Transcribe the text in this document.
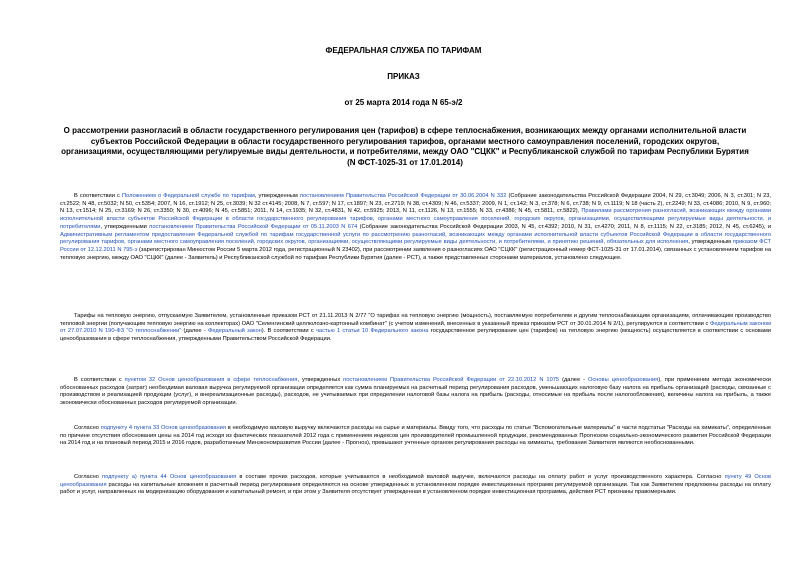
ФЕДЕРАЛЬНАЯ СЛУЖБА ПО ТАРИФАМ
ПРИКАЗ
от 25 марта 2014 года N 65-э/2
О рассмотрении разногласий в области государственного регулирования цен (тарифов) в сфере теплоснабжения, возникающих между органами исполнительной власти субъектов Российской Федерации в области государственного регулирования тарифов, органами местного самоуправления поселений, городских округов, организациями, осуществляющими регулируемые виды деятельности, и потребителями, между ОАО "СЦКК" и Республиканской службой по тарифам Республики Бурятия (N ФСТ-1025-31 от 17.01.2014)

В соответствии с Положением о Федеральной службе по тарифам, утвержденным постановлением Правительства Российской Федерации от 30.06.2004 N 332 (Собрание законодательства Российской Федерации 2004, N 29, ст.3049; 2006, N 3, ст.301; N 23, ст.2522; N 48, ст.5032; N 50, ст.5354; 2007, N 16, ст.1912; N 25, ст.3039; N 32 ст.4145; 2008, N 7, ст.597; N 17, ст.1897; N 23, ст.2719; N 38, ст.4309; N 46, ст.5337; 2009, N 1, ст.142; N 3, ст.378; N 6, ст.738; N 9, ст.1119; N 18 (часть 2), ст.2249; N 33, ст.4086; 2010, N 9, ст.960; N 13, ст.1514; N 25, ст.3169; N 26, ст.3350; N 30, ст.4096; N 45, ст.5851; 2011, N 14, ст.1935; N 32, ст.4831, N 42, ст.5925; 2013, N 11, ст.1126, N 13, ст.1555; N 33, ст.4386; N 45, ст.5811, ст.5822), Правилами рассмотрения разногласий, возникающих между органами исполнительной власти субъектов Российской Федерации в области государственного регулирования тарифов, органами местного самоуправления поселений, городских округов, организациями, осуществляющими регулируемые виды деятельности, и потребителями, утвержденными постановлением Правительства Российской Федерации от 05.11.2003 N 674 (Собрание законодательства Российской Федерации 2003, N 45, ст.4392; 2010, N 31, ст.4270; 2011, N 8, ст.1115; N 22, ст.3185; 2012, N 45, ст.6245), и Административным регламентом предоставления Федеральной службой по тарифам государственной услуги по рассмотрению разногласий, возникающих между органами исполнительной власти субъектов Российской Федерации в области государственного регулирования тарифов, органами местного самоуправления поселений, городских округов, организациями, осуществляющими регулируемые виды деятельности, и потребителями, и принятию решений, обязательных для исполнения, утвержденным приказом ФСТ России от 12.12.2011 N 795-э (зарегистрирован Минюстом России 5 марта 2012 года, регистрационный N 23402), при рассмотрении заявления о разногласиях ОАО "СЦКК" (регистрационный номер ФСТ-1025-31 от 17.01.2014), связанных с установлением тарифов на тепловую энергию, между ОАО "СЦКК" (далее - Заявитель) и Республиканской службой по тарифам Республики Бурятия (далее - РСТ), а также представленных сторонами материалов, установлено следующее.

Тарифы на тепловую энергию, отпускаемую Заявителем, установленные приказом РСТ от 21.11.2013 N 2/77 "О тарифах на тепловую энергию (мощность), поставляемую потребителям и другим теплоснабжающим организациям, оплачивающим производство тепловой энергии (получающим тепловую энергию на коллекторах) ОАО "Селенгинский целлюлозно-картонный комбинат" (с учетом изменений, внесенных в указанный приказ приказом РСТ от 30.01.2014 N 2/1), регулируются в соответствии с Федеральным законом от 27.07.2010 N 190-ФЗ "О теплоснабжении" (далее - Федеральный закон). В соответствии с частью 1 статьи 10 Федерального закона государственное регулирование цен (тарифов) на тепловую энергию (мощность) осуществляется в соответствии с основами ценообразования в сфере теплоснабжения, утвержденными Правительством Российской Федерации.

В соответствии с пунктом 32 Основ ценообразования в сфере теплоснабжения, утвержденных постановлением Правительства Российской Федерации от 22.10.2012 N 1075 (далее - Основы ценообразования), при применении метода экономически обоснованных расходов (затрат) необходимая валовая выручка регулируемой организации определяется как сумма планируемых на расчетный период регулирования расходов, уменьшающих налоговую базу налога на прибыль организаций (расходы, связанные с производством и реализацией продукции (услуг), и внереализационные расходы), расходов, не учитываемых при определении налоговой базы налога на прибыль (расходы, относимые на прибыль после налогообложения), величины налога на прибыль, а также экономически обоснованных расходов регулируемой организации.

Согласно подпункту 4 пункта 33 Основ ценообразования в необходимую валовую выручку включаются расходы на сырье и материалы. Ввиду того, что расходы по статье "Вспомогательные материалы" в части подстатьи "Расходы на химикаты", определенные по причине отсутствия обоснования цены на 2014 год исходя из фактических показателей 2012 года с применением индексов цен производителей промышленной продукции, рекомендованных Прогнозом социально-экономического развития Российской Федерации на 2014 год и на плановый период 2015 и 2016 годов, разработанным Минэкономразвития России (далее - Прогноз), превышают учтенные органом регулирования расходы на химикаты, требования Заявителя являются необоснованными.

Согласно подпункту а) пункта 44 Основ ценообразования в составе прочих расходов, которые учитываются в необходимой валовой выручке, включаются расходы на оплату работ и услуг производственного характера. Согласно пункту 49 Основ ценообразования расходы на капитальные вложения в расчетный период регулирования определяются на основе утвержденных в установленном порядке инвестиционных программ регулируемой организации. Так как Заявителем предложены расходы на оплату работ и услуг, направленных на модернизацию оборудования и капитальный ремонт, и при этом у Заявителя отсутствует утвержденная в установленном порядке инвестиционная программа, действия РСТ признаны правомерными.
